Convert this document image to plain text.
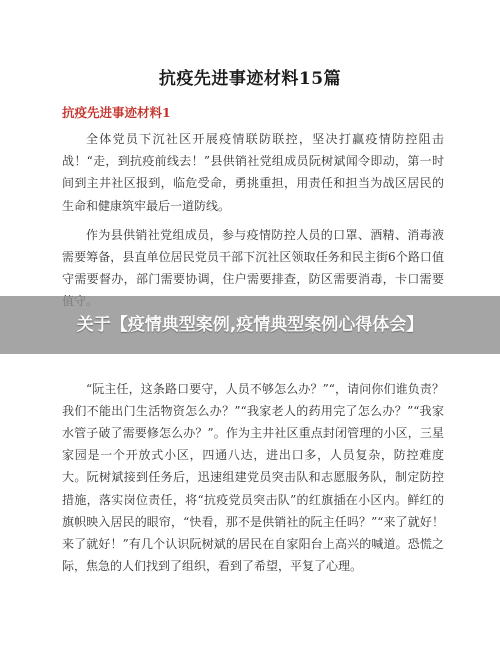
抗疫先进事迹材料15篇
抗疫先进事迹材料1

全体党员下沉社区开展疫情联防联控，坚决打赢疫情防控阻击战！“走，到抗疫前线去！”县供销社党组成员阮树斌闻令即动，第一时间到主井社区报到，临危受命，勇挑重担，用责任和担当为战区居民的生命和健康筑牢最后一道防线。

作为县供销社党组成员，参与疫情防控人员的口罩、酒精、消毒液需要筹备，县直单位居民党员干部下沉社区领取任务和民主街6个路口值守需要督办，部门需要协调，住户需要排查，防区需要消毒，卡口需要

“阮主任，这条路口要守，人员不够怎么办？”“，请问你们谁负责？我们不能出门生活物资怎么办？”“我家老人的药用完了怎么办？”“我家水管子破了需要修怎么办？”。作为主井社区重点封闭管理的小区，三星家园是一个开放式小区，四通八达，进出口多，人员复杂，防控难度大。阮树斌接到任务后，迅速组建党员突击队和志愿服务队，制定防控措施，落实岗位责任，将“抗疫党员突击队”的红旗插在小区内。鲜红的旗帜映入居民的眼帘，“快看，那不是供销社的阮主任吗？”“来了就好！来了就好！”有几个认识阮树斌的居民在自家阳台上高兴的喊道。恐慌之际，焦急的人们找到了组织，看到了希望，平复了心理。

关于【疫情典型案例,疫情典型案例心得体会】
